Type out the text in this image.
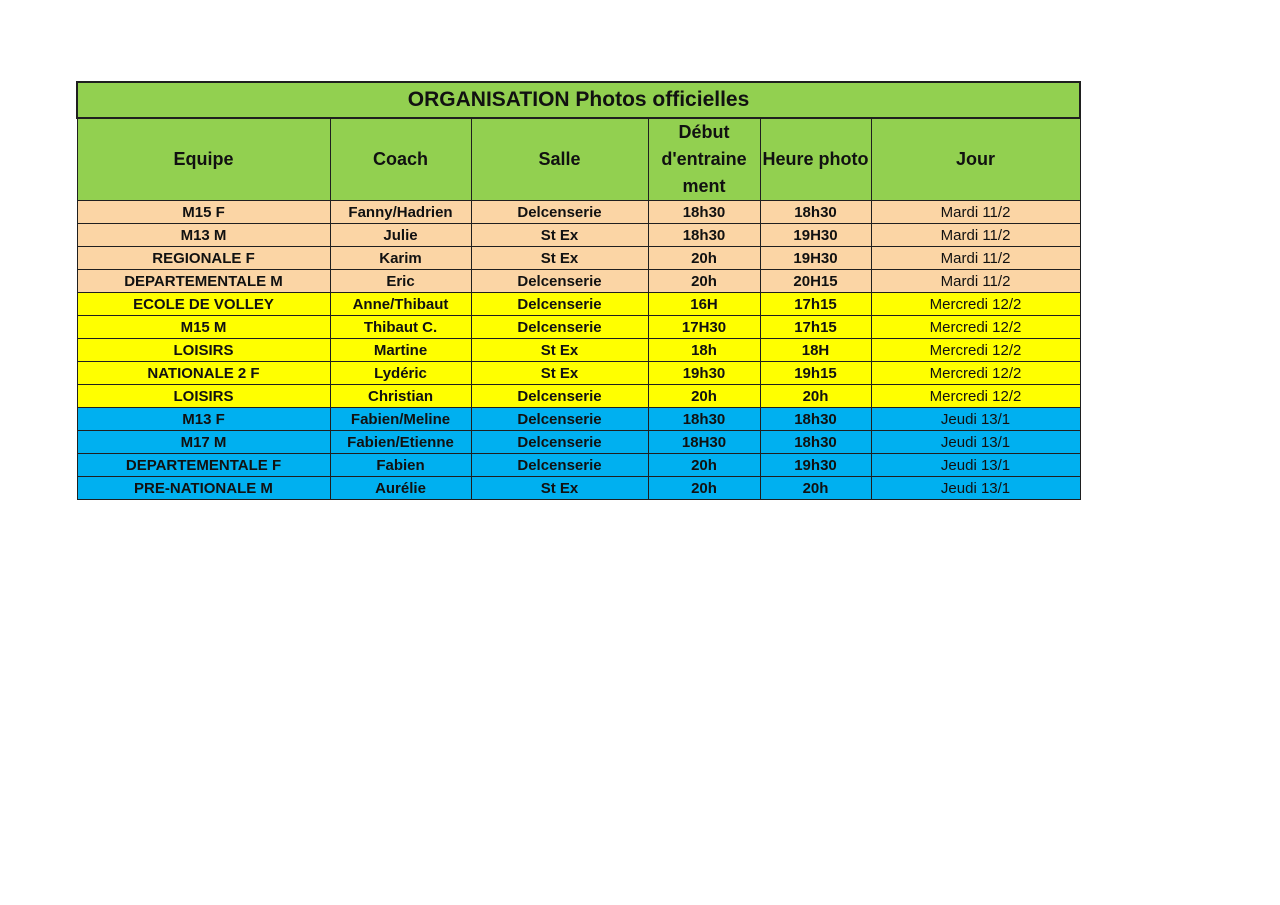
ORGANISATION Photos officielles					
Equipe	Coach	Salle	Début d'entraine ment	Heure photo	Jour
M15 F	Fanny/Hadrien	Delcenserie	18h30	18h30	Mardi 11/2
M13 M	Julie	St Ex	18h30	19H30	Mardi 11/2
REGIONALE F	Karim	St Ex	20h	19H30	Mardi 11/2
DEPARTEMENTALE M	Eric	Delcenserie	20h	20H15	Mardi 11/2
ECOLE DE VOLLEY	Anne/Thibaut	Delcenserie	16H	17h15	Mercredi 12/2
M15 M	Thibaut C.	Delcenserie	17H30	17h15	Mercredi 12/2
LOISIRS	Martine	St Ex	18h	18H	Mercredi 12/2
NATIONALE 2 F	Lydéric	St Ex	19h30	19h15	Mercredi 12/2
LOISIRS	Christian	Delcenserie	20h	20h	Mercredi 12/2
M13 F	Fabien/Meline	Delcenserie	18h30	18h30	Jeudi 13/1
M17 M	Fabien/Etienne	Delcenserie	18H30	18h30	Jeudi 13/1
DEPARTEMENTALE F	Fabien	Delcenserie	20h	19h30	Jeudi 13/1
PRE-NATIONALE M	Aurélie	St Ex	20h	20h	Jeudi 13/1
